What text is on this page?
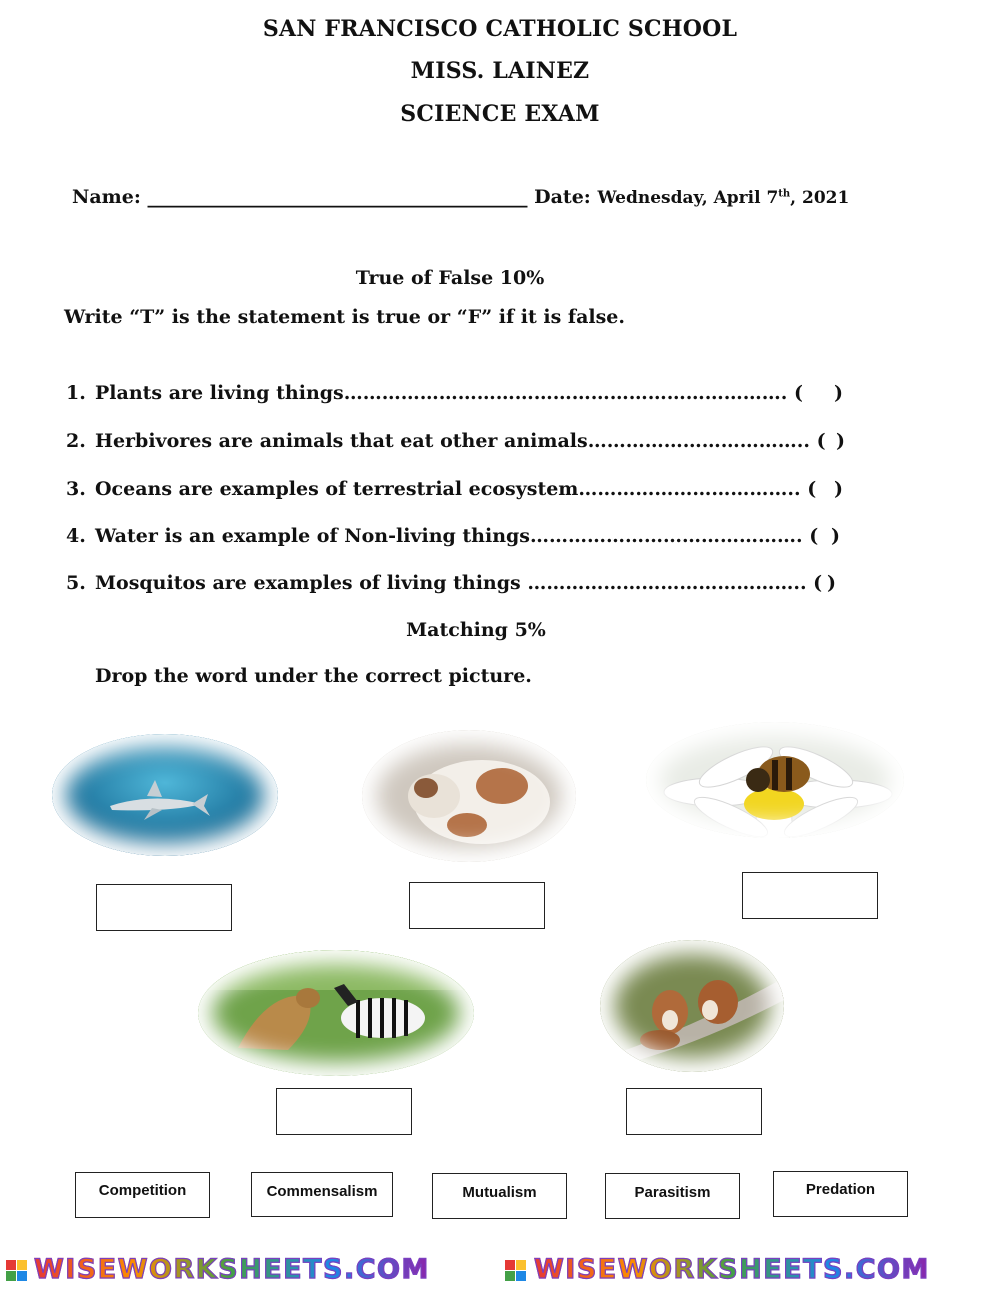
SAN FRANCISCO CATHOLIC SCHOOL
MISS. LAINEZ
SCIENCE EXAM
Name: ________________________________________ Date: Wednesday, April 7th, 2021
True of False 10%
Write “T” is the statement is true or “F” if it is false.
1. Plants are living things……………………………………………………………. ( )
2. Herbivores are animals that eat other animals…………………………….. ( )
3. Oceans are examples of terrestrial ecosystem…………………………….. ( )
4. Water is an example of Non-living things……………………………………. ( )
5. Mosquitos are examples of living things …………………………………….. ( )
Matching 5%
Drop the word under the correct picture.
Competition	Commensalism	Mutualism	Parasitism	Predation
WISEWORKSHEETS.COM	WISEWORKSHEETS.COM
